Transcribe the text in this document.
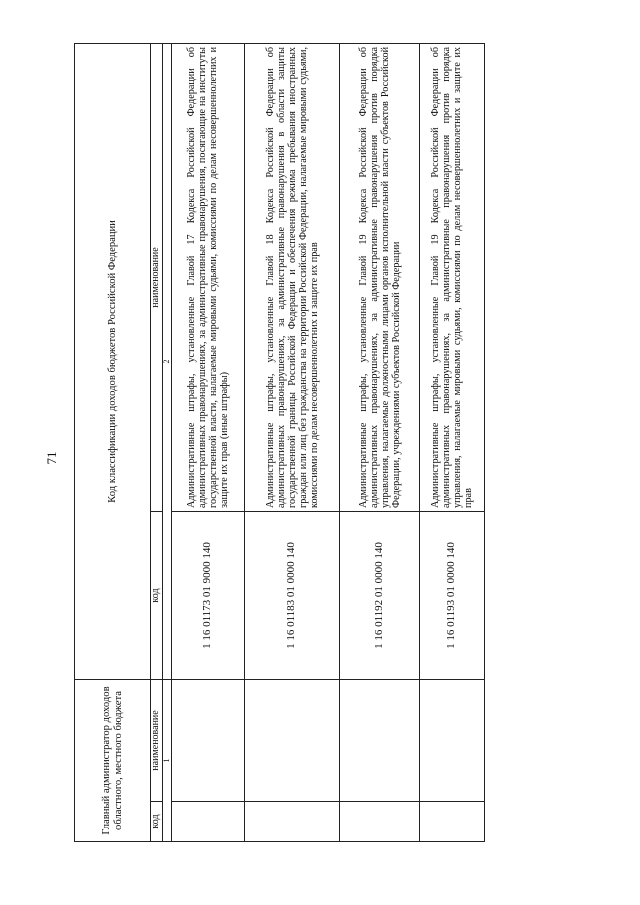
71
Главный администратор доходов областного, местного бюджета		Код классификации доходов бюджетов Российской Федерации	
код	наименование	код	наименование
1		2	
		1 16 01173 01 9000 140	Административные штрафы, установленные Главой 17 Кодекса Российской Федерации об административных правонарушениях, за административные правонарушения, посягающие на институты государственной власти, налагаемые мировыми судьями, комиссиями по делам несовершеннолетних и защите их прав (иные штрафы)
		1 16 01183 01 0000 140	Административные штрафы, установленные Главой 18 Кодекса Российской Федерации об административных правонарушениях, за административные правонарушения в области защиты государственной границы Российской Федерации и обеспечения режима пребывания иностранных граждан или лиц без гражданства на территории Российской Федерации, налагаемые мировыми судьями, комиссиями по делам несовершеннолетних и защите их прав
		1 16 01192 01 0000 140	Административные штрафы, установленные Главой 19 Кодекса Российской Федерации об административных правонарушениях, за административные правонарушения против порядка управления, налагаемые должностными лицами органов исполнительной власти субъектов Российской Федерации, учреждениями субъектов Российской Федерации
		1 16 01193 01 0000 140	Административные штрафы, установленные Главой 19 Кодекса Российской Федерации об административных правонарушениях, за административные правонарушения против порядка управления, налагаемые мировыми судьями, комиссиями по делам несовершеннолетних и защите их прав
